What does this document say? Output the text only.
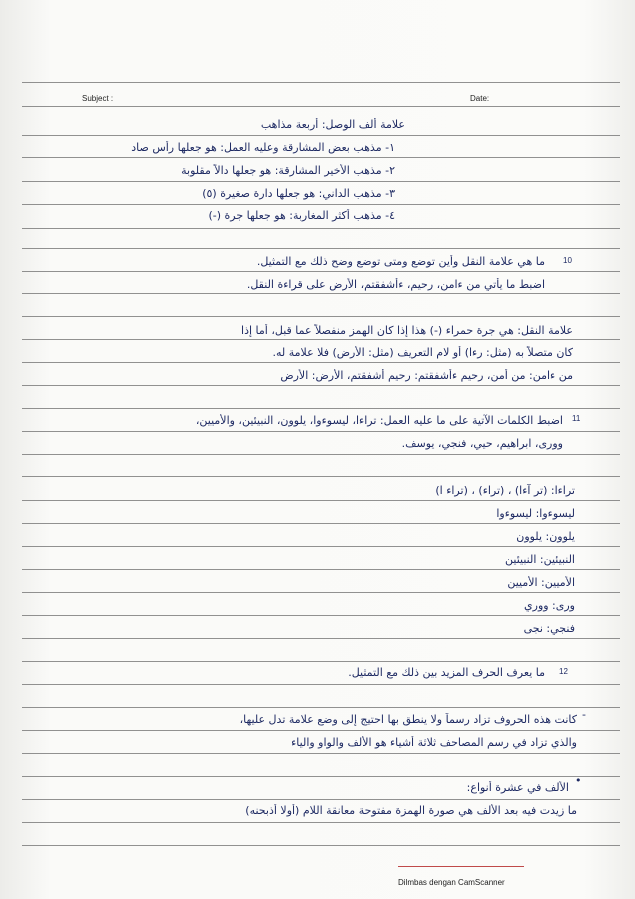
Subject :	Date:
علامة ألف الوصل: أربعة مذاهب
١- مذهب بعض المشارقة وعليه العمل: هو جعلها رأس صاد
٢- مذهب الأخير المشارقة: هو جعلها دالاً مقلوبة
٣- مذهب الداني: هو جعلها دارة صغيرة (٥)
٤- مذهب أكثر المغاربة: هو جعلها جرة (-)
10
ما هي علامة النقل وأين توضع ومتى توضع وضح ذلك مع التمثيل.
اضبط ما يأتي من ءامن، رحيم، ءأشفقتم، الأرض على قراءة النقل.
علامة النقل: هي جرة حمراء (-) هذا إذا كان الهمز منفصلاً عما قبل، أما إذا
كان متصلاً به (مثل: رءا) أو لام التعريف (مثل: الأرض) فلا علامة له.
من ءامن: من أمن، رحيم ءأشفقتم: رحيم أشفقتم، الأرض: الأرض
11
اضبط الكلمات الآتية على ما عليه العمل: تراءا، ليسوءوا، يلوون، النبيئين، والأميين،
وورى، ابراهيم، حيي، فنجي، يوسف.
تراءا: (تر آءا) ، (تراء) ، (تراء ا)
ليسوءوا: ليسوءوا
يلوون: يلوون
النبيئين: النبيئين
الأميين: الأميين
ورى: ووري
فنجي: نجى
12
ما يعرف الحرف المزيد بين ذلك مع التمثيل.
-
كانت هذه الحروف تزاد رسماً ولا ينطق بها احتيج إلى وضع علامة تدل عليها،
والذي تزاد في رسم المصاحف ثلاثة أشياء هو الألف والواو والياء
•
الألف في عشرة أنواع:
ما زيدت فيه بعد الألف هي صورة الهمزة مفتوحة معانقة اللام (أولا أذبحنه)
Dilmbas dengan CamScanner
